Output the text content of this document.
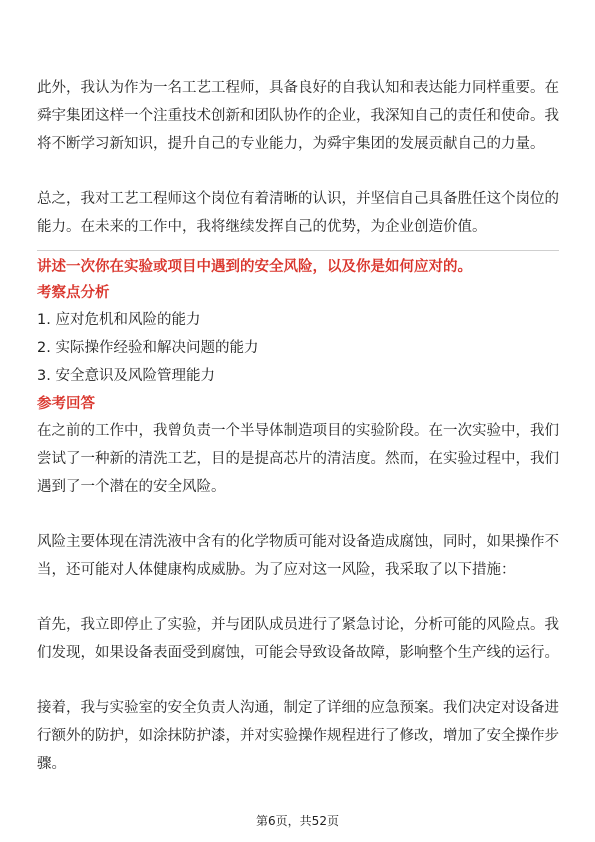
此外，我认为作为一名工艺工程师，具备良好的自我认知和表达能力同样重要。在舜宇集团这样一个注重技术创新和团队协作的企业，我深知自己的责任和使命。我将不断学习新知识，提升自己的专业能力，为舜宇集团的发展贡献自己的力量。

总之，我对工艺工程师这个岗位有着清晰的认识，并坚信自己具备胜任这个岗位的能力。在未来的工作中，我将继续发挥自己的优势，为企业创造价值。

讲述一次你在实验或项目中遇到的安全风险，以及你是如何应对的。

考察点分析

1. 应对危机和风险的能力

2. 实际操作经验和解决问题的能力

3. 安全意识及风险管理能力

参考回答

在之前的工作中，我曾负责一个半导体制造项目的实验阶段。在一次实验中，我们尝试了一种新的清洗工艺，目的是提高芯片的清洁度。然而，在实验过程中，我们遇到了一个潜在的安全风险。

风险主要体现在清洗液中含有的化学物质可能对设备造成腐蚀，同时，如果操作不当，还可能对人体健康构成威胁。为了应对这一风险，我采取了以下措施：

首先，我立即停止了实验，并与团队成员进行了紧急讨论，分析可能的风险点。我们发现，如果设备表面受到腐蚀，可能会导致设备故障，影响整个生产线的运行。

接着，我与实验室的安全负责人沟通，制定了详细的应急预案。我们决定对设备进行额外的防护，如涂抹防护漆，并对实验操作规程进行了修改，增加了安全操作步骤。

第6页，共52页
